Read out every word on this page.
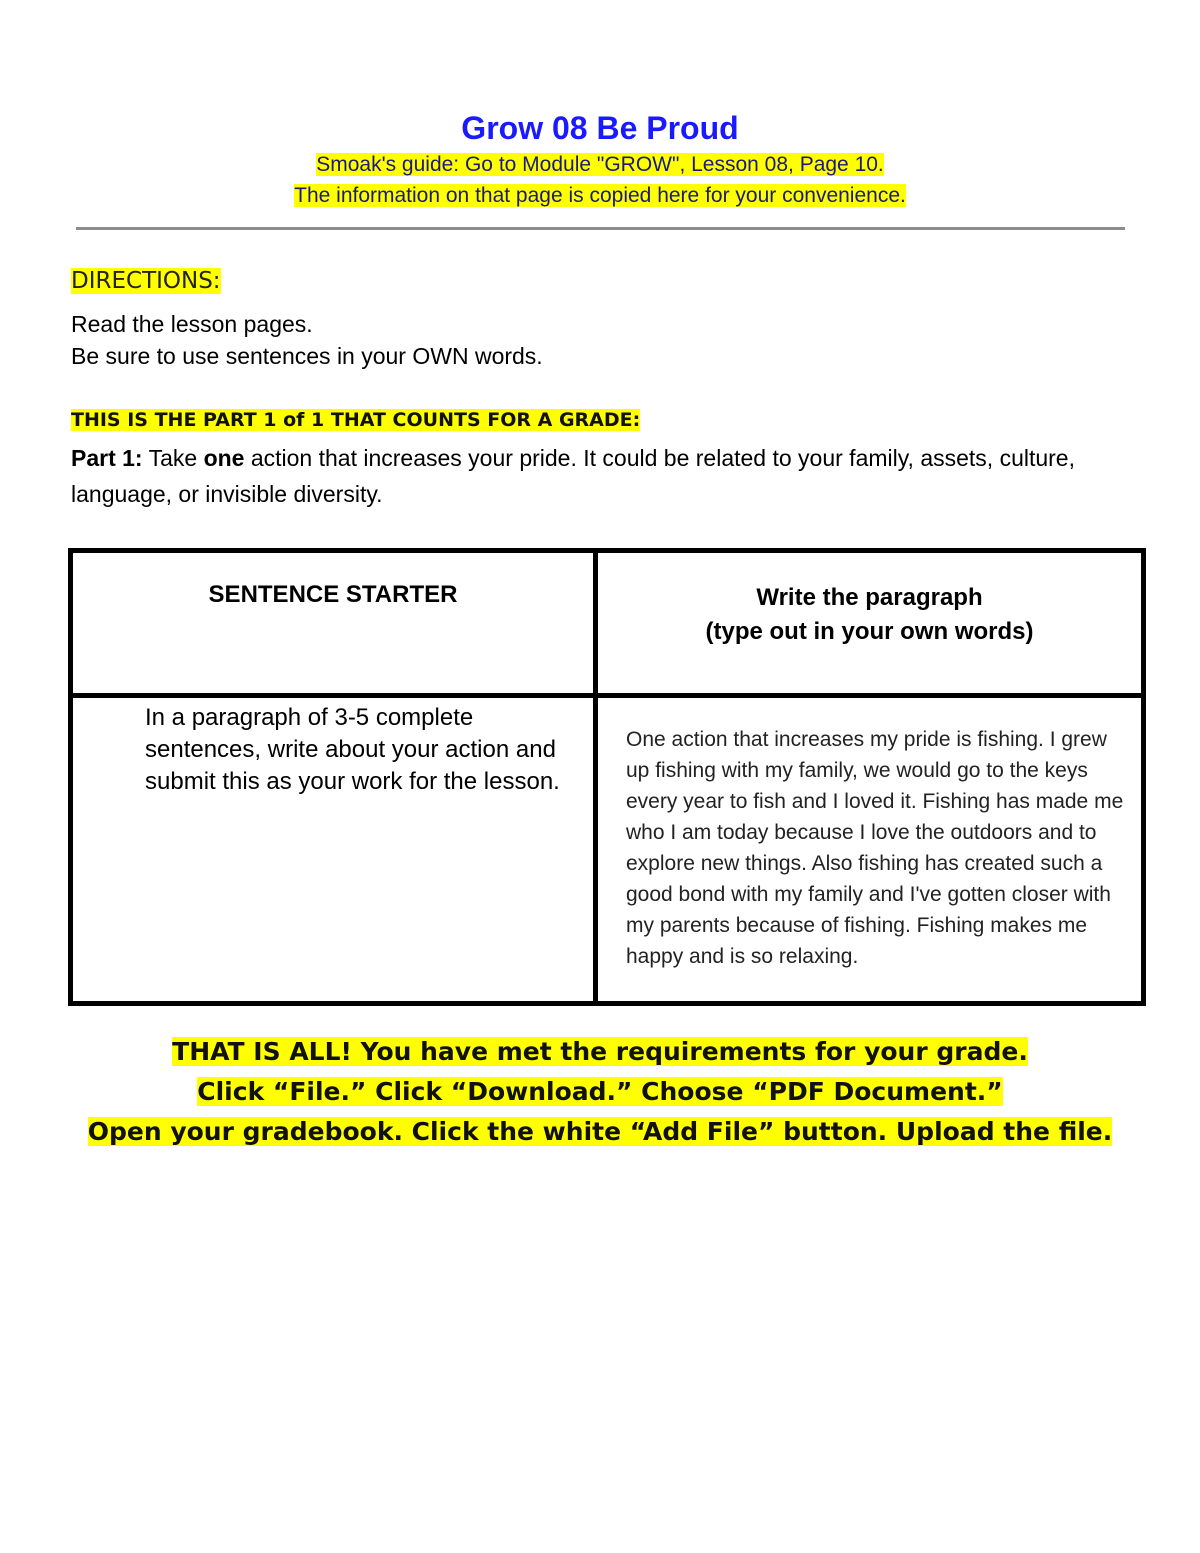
Grow 08 Be Proud
Smoak's guide: Go to Module "GROW", Lesson 08, Page 10.
The information on that page is copied here for your convenience.
DIRECTIONS:
Read the lesson pages.
Be sure to use sentences in your OWN words.
THIS IS THE PART 1 of 1 THAT COUNTS FOR A GRADE:
Part 1: Take one action that increases your pride. It could be related to your family, assets, culture, language, or invisible diversity.
SENTENCE STARTER	Write the paragraph
(type out in your own words)

In a paragraph of 3-5 complete sentences, write about your action and submit this as your work for the lesson.	One action that increases my pride is fishing. I grew up fishing with my family, we would go to the keys every year to fish and I loved it. Fishing has made me who I am today because I love the outdoors and to explore new things. Also fishing has created such a good bond with my family and I've gotten closer with my parents because of fishing. Fishing makes me happy and is so relaxing.
THAT IS ALL! You have met the requirements for your grade.
Click “File.” Click “Download.” Choose “PDF Document.”
Open your gradebook. Click the white “Add File” button. Upload the file.
